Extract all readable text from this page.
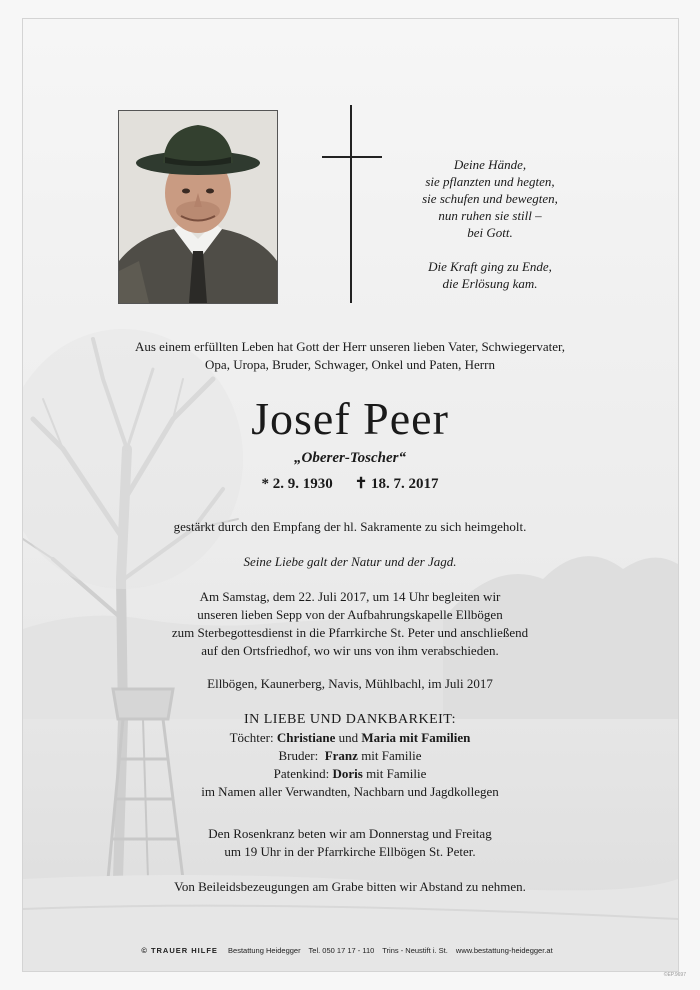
Deine Hände,

sie pflanzten und hegten,

sie schufen und bewegten,

nun ruhen sie still –

bei Gott.

Die Kraft ging zu Ende,

die Erlösung kam.

Aus einem erfüllten Leben hat Gott der Herr unseren lieben Vater, Schwiegervater,
Opa, Uropa, Bruder, Schwager, Onkel und Paten, Herrn
Josef Peer
„Oberer-Toscher“
* 2. 9. 1930 ✝ 18. 7. 2017

gestärkt durch den Empfang der hl. Sakramente zu sich heimgeholt.

Seine Liebe galt der Natur und der Jagd.

Am Samstag, dem 22. Juli 2017, um 14 Uhr begleiten wir

unseren lieben Sepp von der Aufbahrungskapelle Ellbögen

zum Sterbegottesdienst in die Pfarrkirche St. Peter und anschließend

auf den Ortsfriedhof, wo wir uns von ihm verabschieden.

Ellbögen, Kaunerberg, Navis, Mühlbachl, im Juli 2017

IN LIEBE UND DANKBARKEIT:

Töchter: Christiane und Maria mit Familien

Bruder:  Franz mit Familie

Patenkind: Doris mit Familie

im Namen aller Verwandten, Nachbarn und Jagdkollegen

Den Rosenkranz beten wir am Donnerstag und Freitag

um 19 Uhr in der Pfarrkirche Ellbögen St. Peter.

Von Beileidsbezeugungen am Grabe bitten wir Abstand zu nehmen.

© TRAUER HILFE Bestattung Heidegger Tel. 050 17 17 - 110 Trins - Neustift i. St. www.bestattung-heidegger.at
©EP.9697
